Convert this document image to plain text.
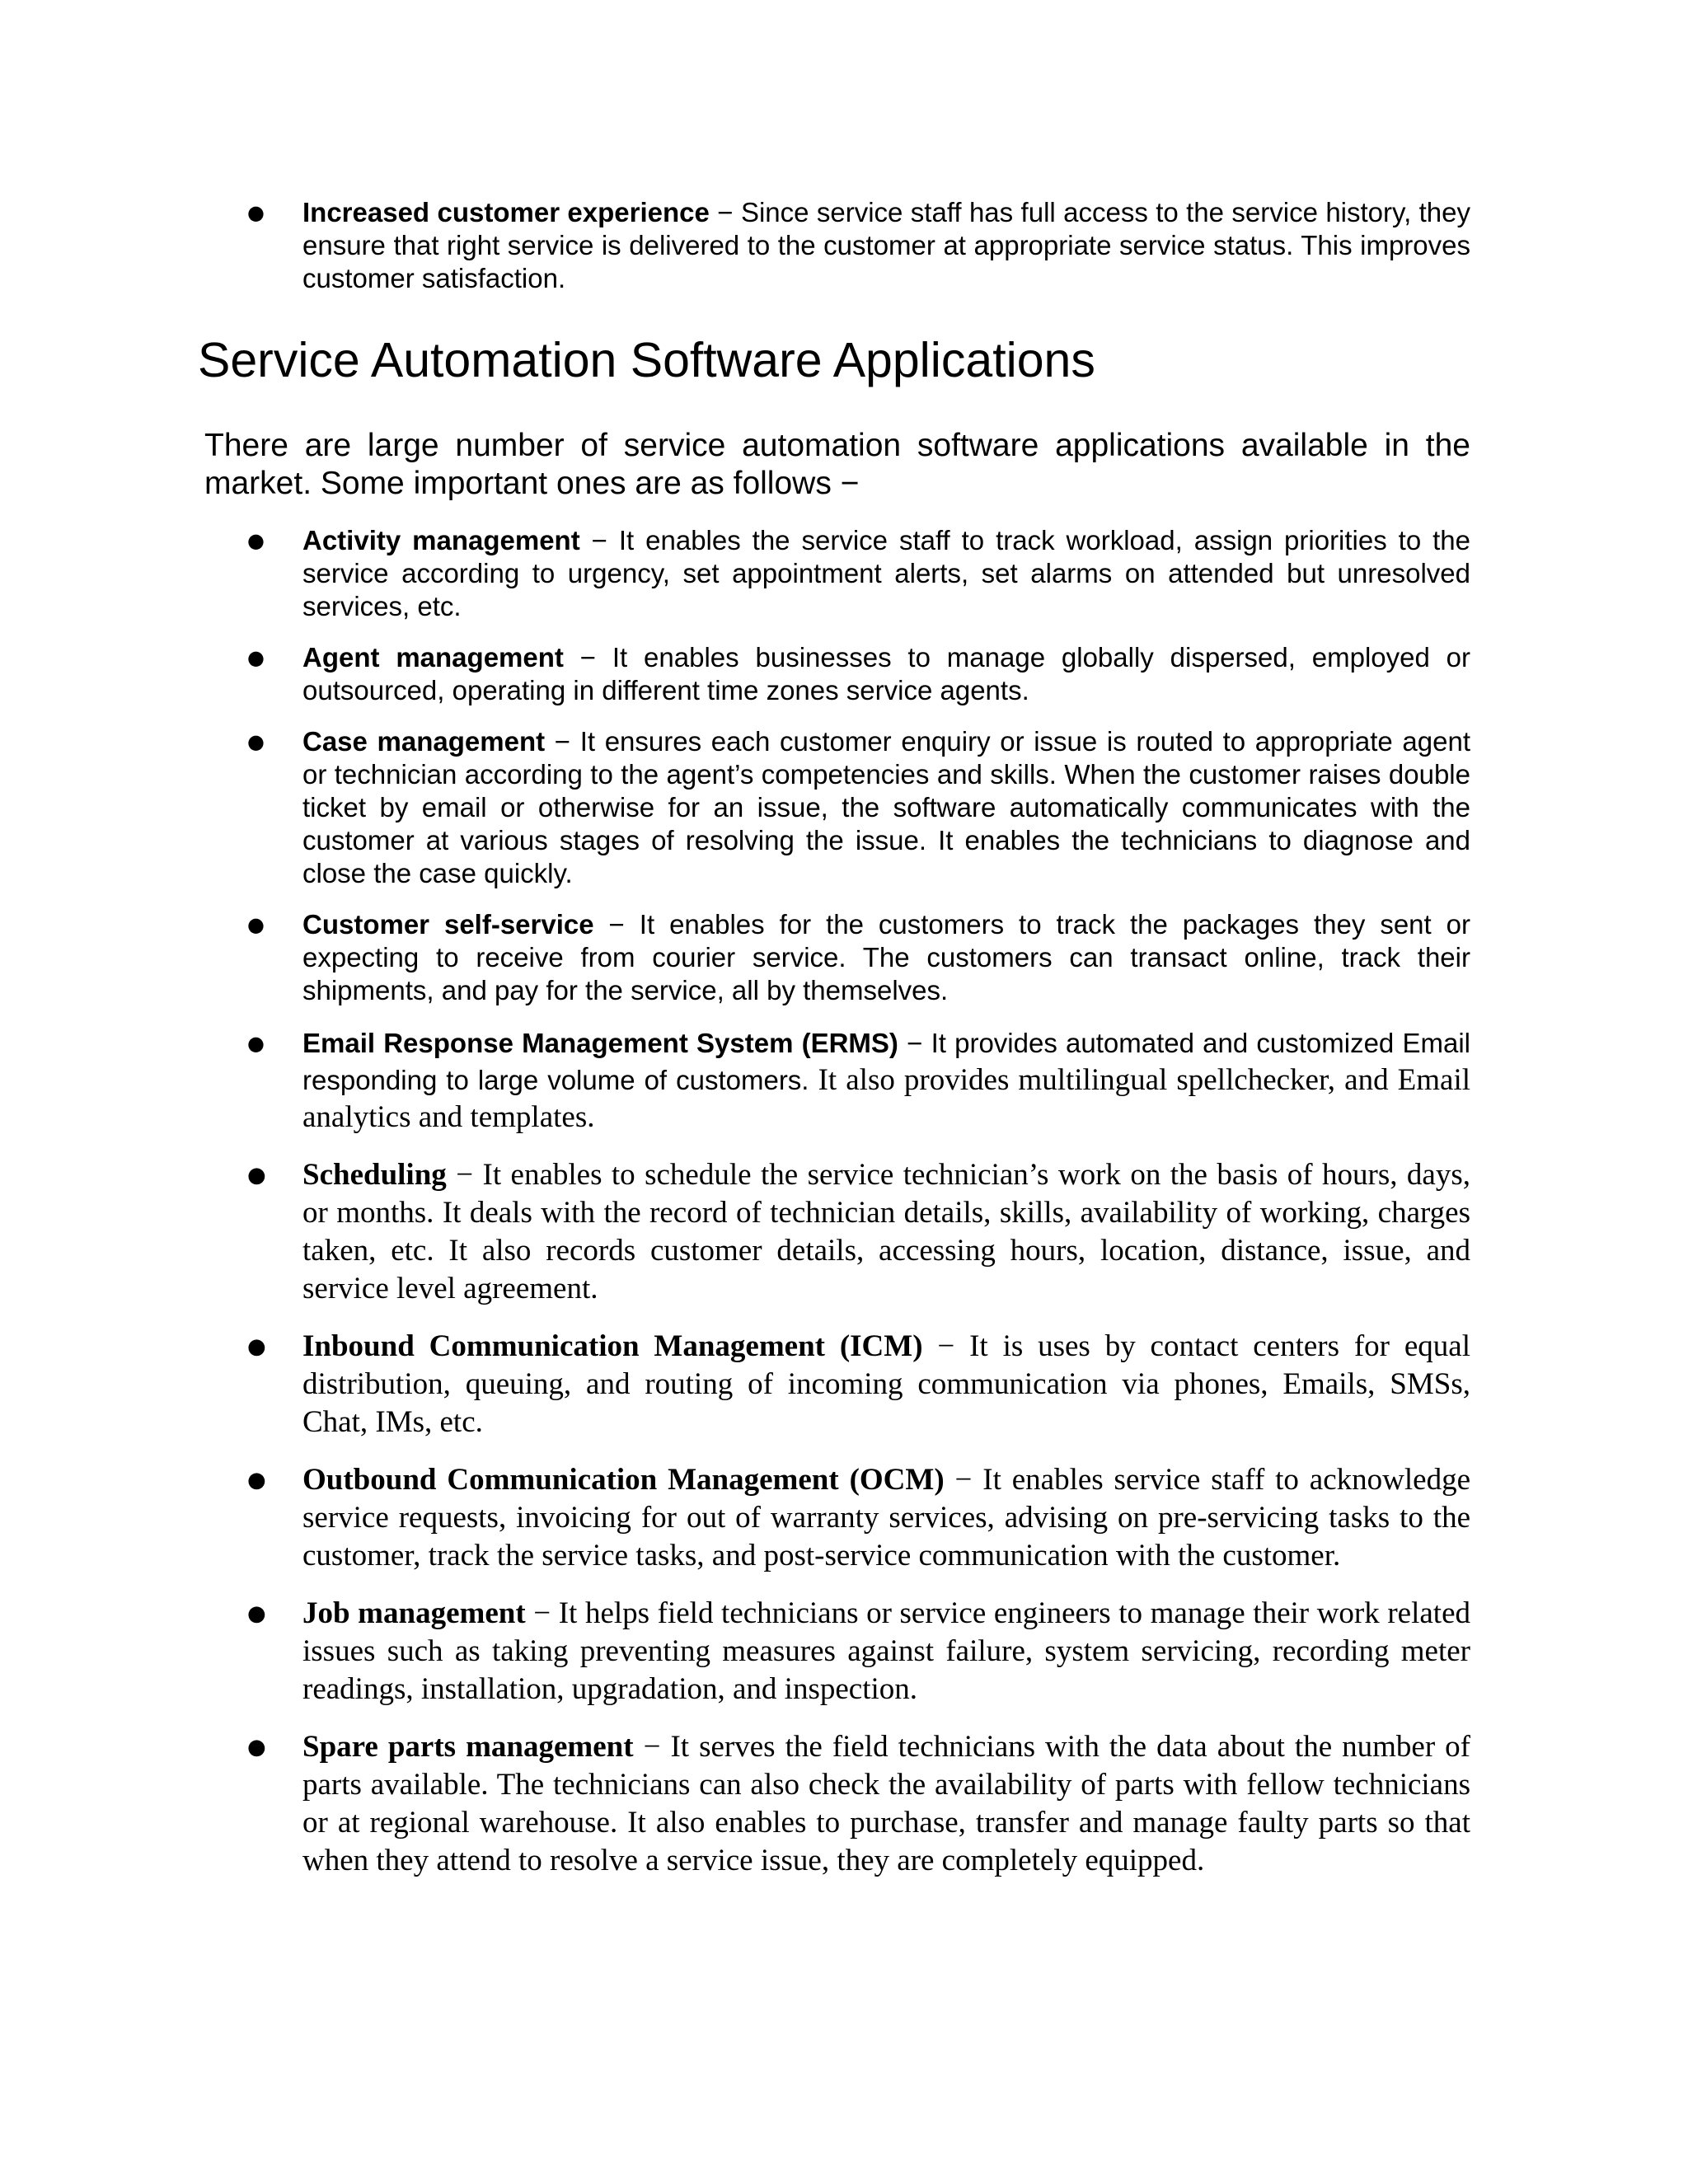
● Increased customer experience − Since service staff has full access to the service history, they ensure that right service is delivered to the customer at appropriate service status. This improves customer satisfaction.
Service Automation Software Applications

There are large number of service automation software applications available in the market. Some important ones are as follows −

● Activity management − It enables the service staff to track workload, assign priorities to the service according to urgency, set appointment alerts, set alarms on attended but unresolved services, etc.
● Agent management − It enables businesses to manage globally dispersed, employed or outsourced, operating in different time zones service agents.
● Case management − It ensures each customer enquiry or issue is routed to appropriate agent or technician according to the agent’s competencies and skills. When the customer raises double ticket by email or otherwise for an issue, the software automatically communicates with the customer at various stages of resolving the issue. It enables the technicians to diagnose and close the case quickly.
● Customer self-service − It enables for the customers to track the packages they sent or expecting to receive from courier service. The customers can transact online, track their shipments, and pay for the service, all by themselves.
● Email Response Management System (ERMS) − It provides automated and customized Email responding to large volume of customers. It also provides multilingual spellchecker, and Email analytics and templates.
● Scheduling − It enables to schedule the service technician’s work on the basis of hours, days, or months. It deals with the record of technician details, skills, availability of working, charges taken, etc. It also records customer details, accessing hours, location, distance, issue, and service level agreement.
● Inbound Communication Management (ICM) − It is uses by contact centers for equal distribution, queuing, and routing of incoming communication via phones, Emails, SMSs, Chat, IMs, etc.
● Outbound Communication Management (OCM) − It enables service staff to acknowledge service requests, invoicing for out of warranty services, advising on pre-servicing tasks to the customer, track the service tasks, and post-service communication with the customer.
● Job management − It helps field technicians or service engineers to manage their work related issues such as taking preventing measures against failure, system servicing, recording meter readings, installation, upgradation, and inspection.
● Spare parts management − It serves the field technicians with the data about the number of parts available. The technicians can also check the availability of parts with fellow technicians or at regional warehouse. It also enables to purchase, transfer and manage faulty parts so that when they attend to resolve a service issue, they are completely equipped.
